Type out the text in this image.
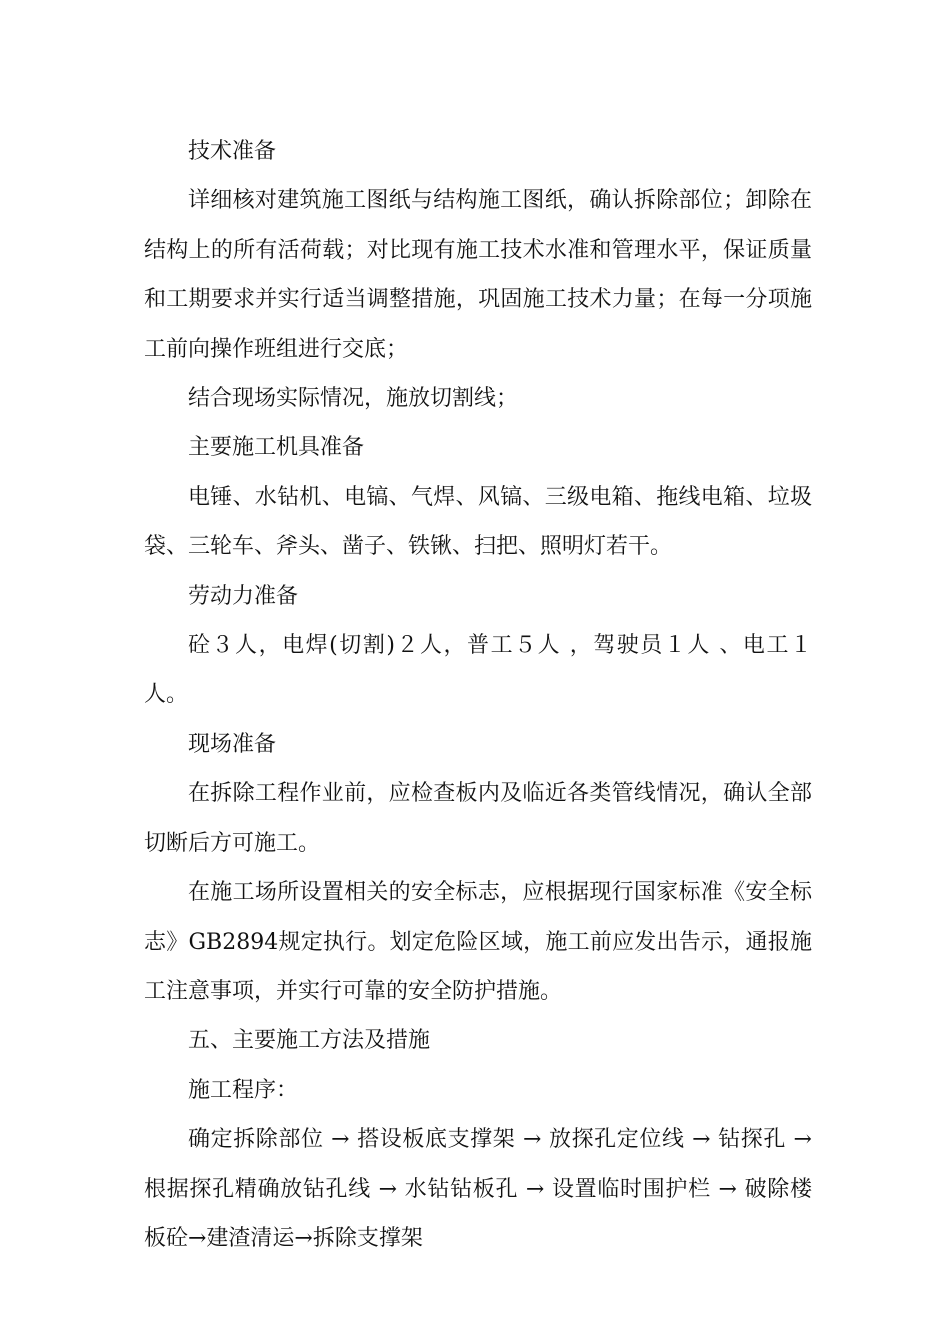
技术准备

详细核对建筑施工图纸与结构施工图纸，确认拆除部位；卸除在结构上的所有活荷载；对比现有施工技术水准和管理水平，保证质量和工期要求并实行适当调整措施，巩固施工技术力量；在每一分项施工前向操作班组进行交底；

结合现场实际情况，施放切割线；

主要施工机具准备

电锤、水钻机、电镐、气焊、风镐、三级电箱、拖线电箱、垃圾袋、三轮车、斧头、凿子、铁锹、扫把、照明灯若干。

劳动力准备

砼３人，电焊(切割)２人，普工５人 ，驾驶员１人 、电工１人。

现场准备

在拆除工程作业前，应检查板内及临近各类管线情况，确认全部切断后方可施工。

在施工场所设置相关的安全标志，应根据现行国家标准《安全标志》GB2894规定执行。划定危险区域，施工前应发出告示，通报施工注意事项，并实行可靠的安全防护措施。

五、主要施工方法及措施

施工程序：

确定拆除部位 → 搭设板底支撑架 → 放探孔定位线 → 钻探孔 → 根据探孔精确放钻孔线 → 水钻钻板孔 → 设置临时围护栏 → 破除楼板砼→建渣清运→拆除支撑架
